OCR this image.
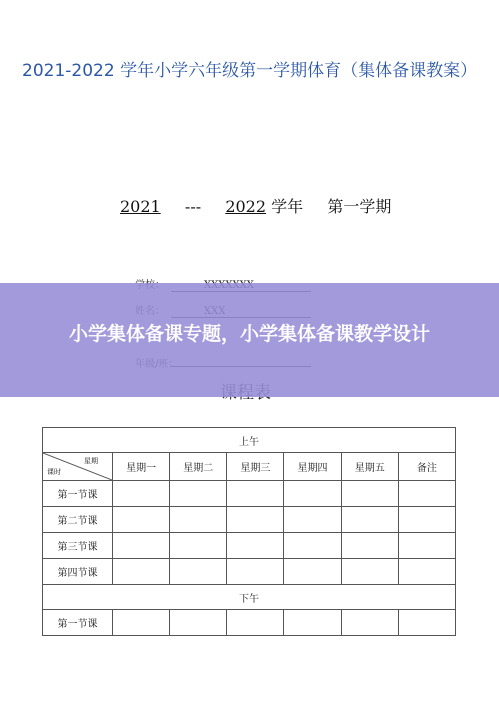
2021-2022 学年小学六年级第一学期体育（集体备课教案）
2021 --- 2022 学年 第一学期
小学集体备课专题，小学集体备课教学设计
上午						

星期
课时	星期一	星期二	星期三	星期四	星期五	备注
第一节课						
第二节课						
第三节课						
第四节课						
下午						
第一节课						
